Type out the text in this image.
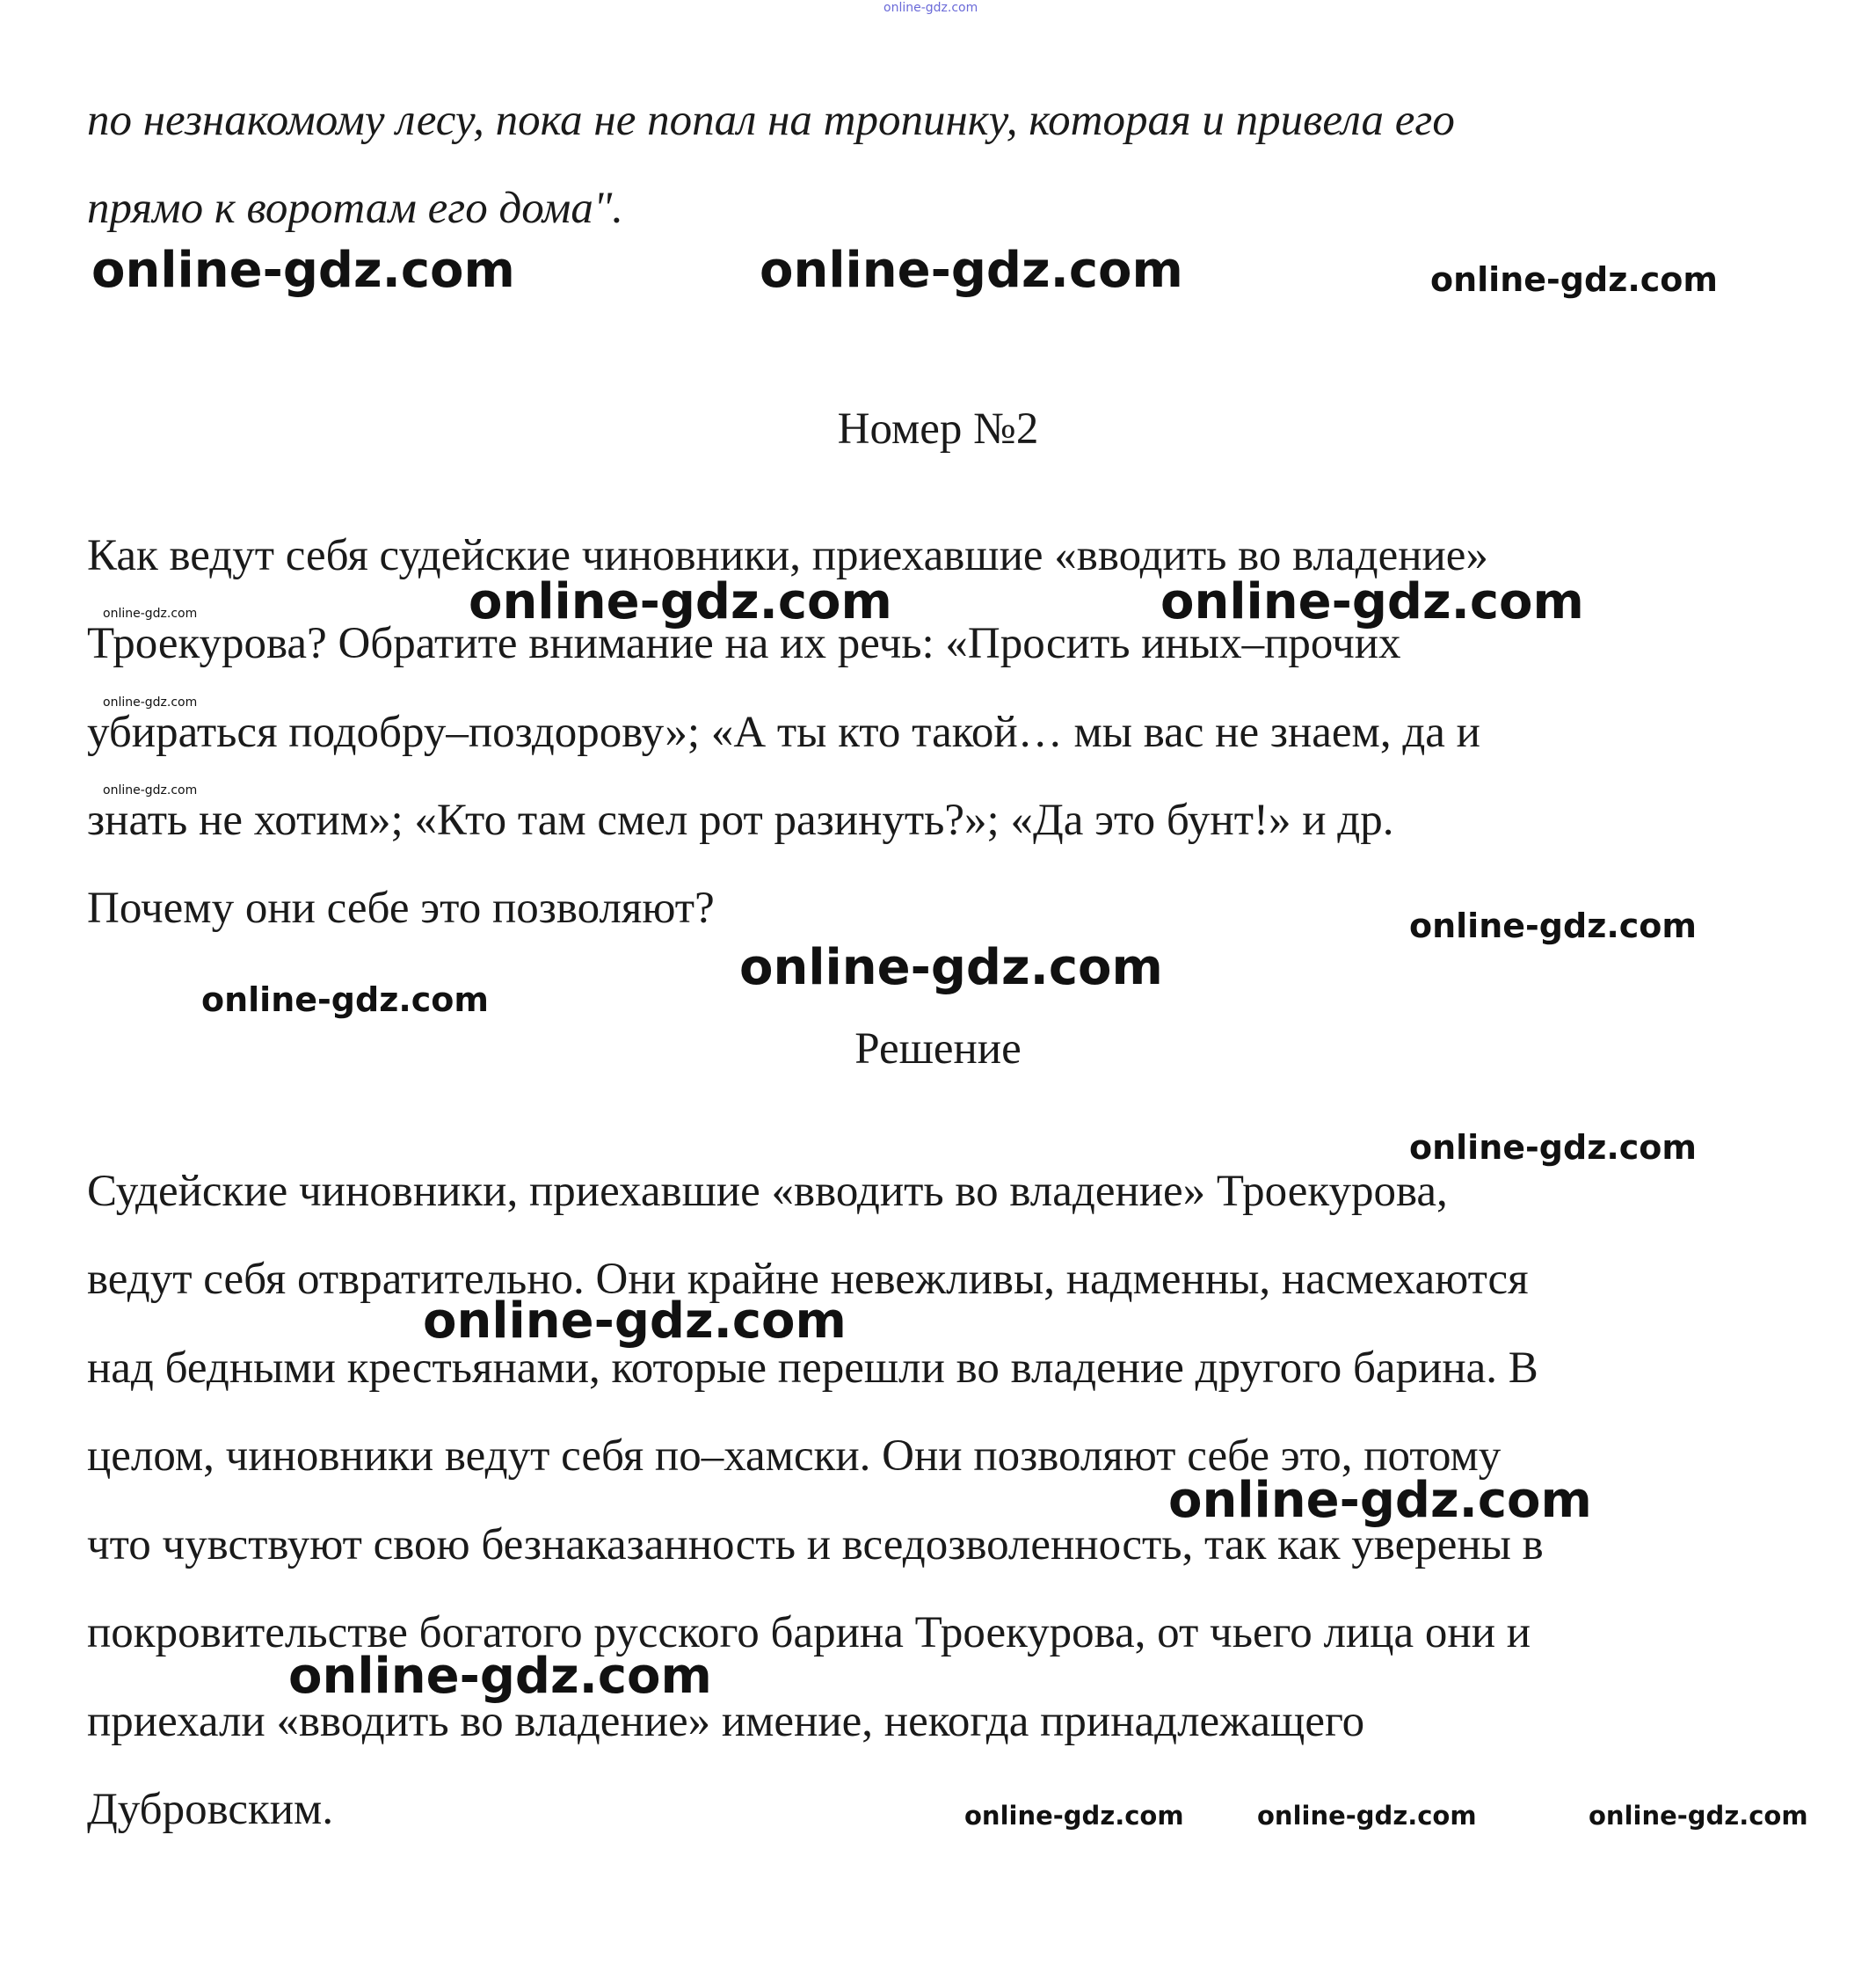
online-gdz.com
по незнакомому лесу, пока не попал на тропинку, которая и привела его
прямо к воротам его дома".
online-gdz.com	online-gdz.com	online-gdz.com
Номер №2
Как ведут себя судейские чиновники, приехавшие «вводить во владение»
online-gdz.com
Троекурова? Обратите внимание на их речь: «Просить иных–прочих
online-gdz.com	online-gdz.com
online-gdz.com
убираться подобру–поздорову»; «А ты кто такой… мы вас не знаем, да и
online-gdz.com
знать не хотим»; «Кто там смел рот разинуть?»; «Да это бунт!» и др.
Почему они себе это позволяют?	online-gdz.com
online-gdz.com
online-gdz.com
Решение
online-gdz.com
Судейские чиновники, приехавшие «вводить во владение» Троекурова,
ведут себя отвратительно. Они крайне невежливы, надменны, насмехаются
online-gdz.com
над бедными крестьянами, которые перешли во владение другого барина. В
целом, чиновники ведут себя по–хамски. Они позволяют себе это, потому
online-gdz.com
что чувствуют свою безнаказанность и вседозволенность, так как уверены в
покровительстве богатого русского барина Троекурова, от чьего лица они и
online-gdz.com
приехали «вводить во владение» имение, некогда принадлежащего
Дубровским.	online-gdz.com	online-gdz.com	online-gdz.com
